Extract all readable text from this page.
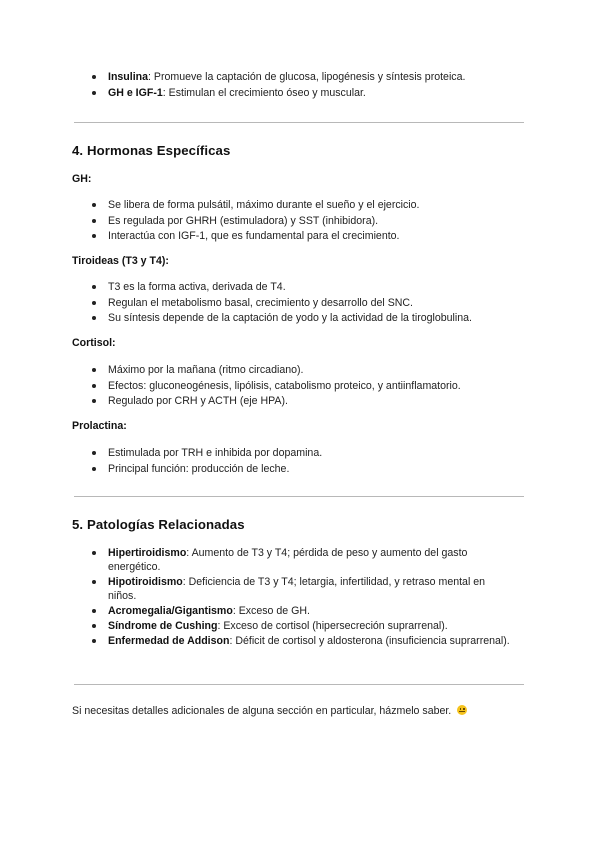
Insulina: Promueve la captación de glucosa, lipogénesis y síntesis proteica.
GH e IGF-1: Estimulan el crecimiento óseo y muscular.
4. Hormonas Específicas
GH:
Se libera de forma pulsátil, máximo durante el sueño y el ejercicio.
Es regulada por GHRH (estimuladora) y SST (inhibidora).
Interactúa con IGF-1, que es fundamental para el crecimiento.
Tiroideas (T3 y T4):
T3 es la forma activa, derivada de T4.
Regulan el metabolismo basal, crecimiento y desarrollo del SNC.
Su síntesis depende de la captación de yodo y la actividad de la tiroglobulina.
Cortisol:
Máximo por la mañana (ritmo circadiano).
Efectos: gluconeogénesis, lipólisis, catabolismo proteico, y antiinflamatorio.
Regulado por CRH y ACTH (eje HPA).
Prolactina:
Estimulada por TRH e inhibida por dopamina.
Principal función: producción de leche.
5. Patologías Relacionadas
Hipertiroidismo: Aumento de T3 y T4; pérdida de peso y aumento del gasto energético.
Hipotiroidismo: Deficiencia de T3 y T4; letargia, infertilidad, y retraso mental en niños.
Acromegalia/Gigantismo: Exceso de GH.
Síndrome de Cushing: Exceso de cortisol (hipersecreción suprarrenal).
Enfermedad de Addison: Déficit de cortisol y aldosterona (insuficiencia suprarrenal).
Si necesitas detalles adicionales de alguna sección en particular, házmelo saber.
